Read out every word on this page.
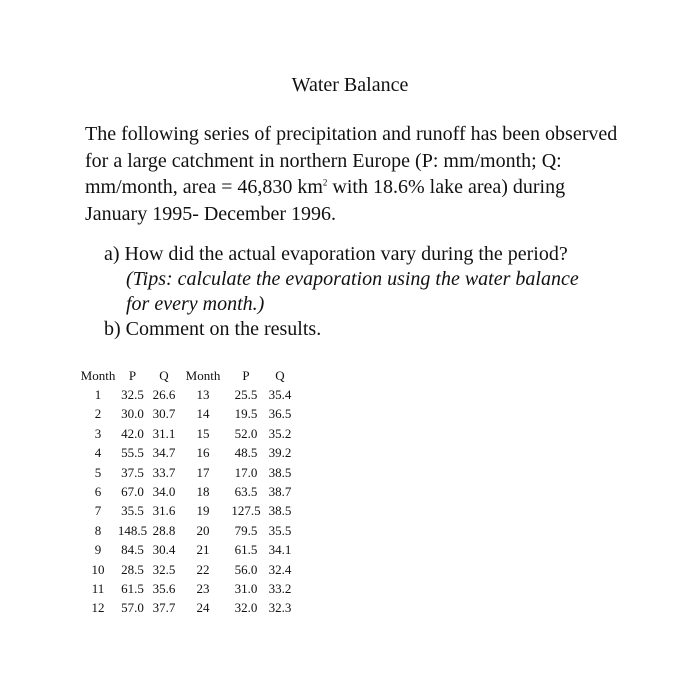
Water Balance

The following series of precipitation and runoff has been observed for a large catchment in northern Europe (P: mm/month; Q: mm/month, area = 46,830 $km^2$ with 18.6% lake area) during January 1995- December 1996.

a) How did the actual evaporation vary during the period?
(Tips: calculate the evaporation using the water balance
for every month.)
b) Comment on the results.
Month	P	Q	Month	P	Q
1	32.5	26.6	13	25.5	35.4
2	30.0	30.7	14	19.5	36.5
3	42.0	31.1	15	52.0	35.2
4	55.5	34.7	16	48.5	39.2
5	37.5	33.7	17	17.0	38.5
6	67.0	34.0	18	63.5	38.7
7	35.5	31.6	19	127.5	38.5
8	148.5	28.8	20	79.5	35.5
9	84.5	30.4	21	61.5	34.1
10	28.5	32.5	22	56.0	32.4
11	61.5	35.6	23	31.0	33.2
12	57.0	37.7	24	32.0	32.3
